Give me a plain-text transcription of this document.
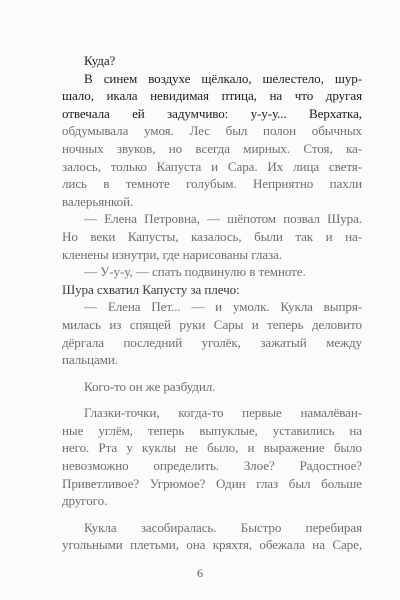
Куда?
В синем воздухе щёлкало, шелестело, шур-
шало, икала невидимая птица, на что другая
отвечала ей задумчиво: у-у-у... Верхатка,
обдумывала умоя. Лес был полон обычных
ночных звуков, но всегда мирных. Стоя, ка-
залось, только Капуста и Сара. Их лица светя-
лись в темноте голубым. Неприятно пахли
валерьянкой.
— Елена Петровна, — шёпотом позвал Шура.
Но веки Капусты, казалось, были так и на-
кленены изнутри, где нарисованы глаза.
— У-у-у, — спать подвинулю в темноте.
Шура схватил Капусту за плечо:
— Елена Пет... — и умолк. Кукла выпря-
милась из спящей руки Сары и теперь деловито
дёргала последний уголёк, зажатый между
пальцами.
Кого-то он же разбудил.
Глазки-точки, когда-то первые намалёван-
ные углём, теперь выпуклые, уставились на
него. Рта у куклы не было, и выражение было
невозможно определить. Злое? Радостное?
Приветливое? Угрюмое? Один глаз был больше
другого.
Кукла засобиралась. Быстро перебирая
угольными плетьми, она кряхтя, обежала на Саре,
6
